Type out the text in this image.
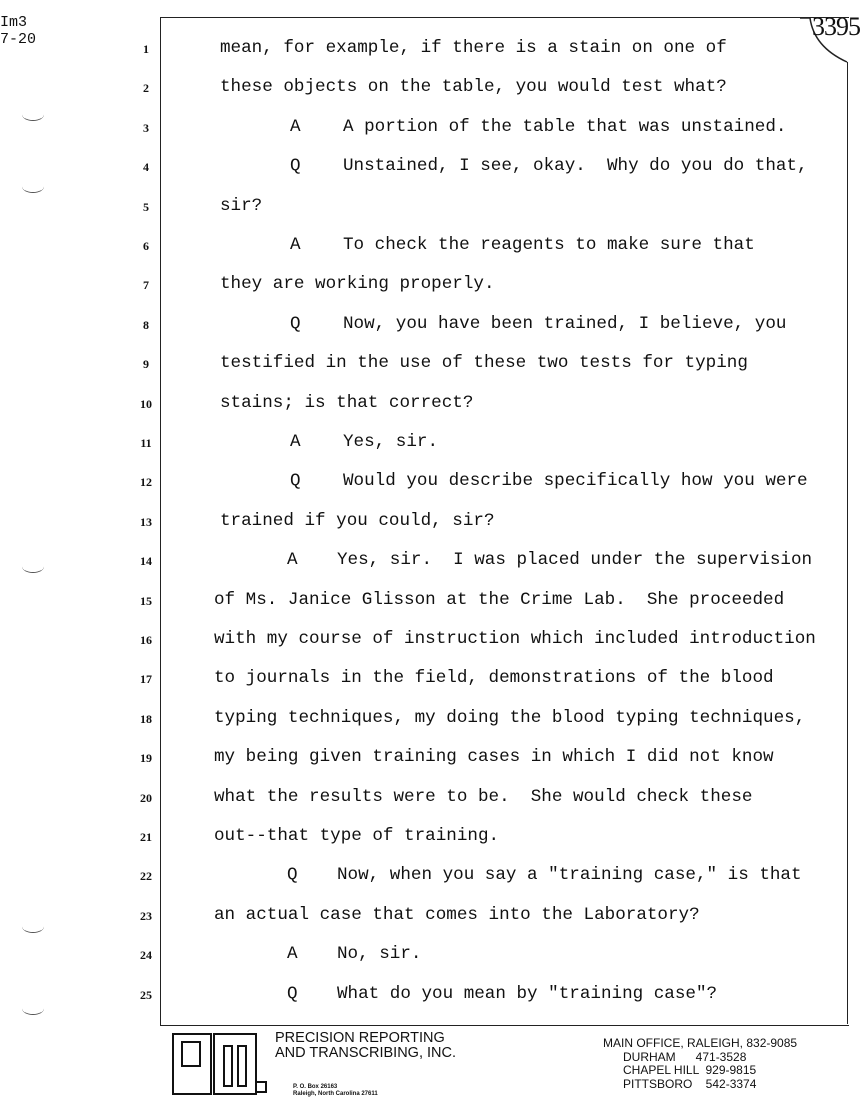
Im3
7-20	3395
1	mean, for example, if there is a stain on one of
2	these objects on the table, you would test what?
3	A A portion of the table that was unstained.
4	Q Unstained, I see, okay.  Why do you do that,
5	sir?
6	A To check the reagents to make sure that
7	they are working properly.
8	Q Now, you have been trained, I believe, you
9	testified in the use of these two tests for typing
10	stains; is that correct?
11	A Yes, sir.
12	Q Would you describe specifically how you were
13	trained if you could, sir?
14	A Yes, sir.  I was placed under the supervision
15	of Ms. Janice Glisson at the Crime Lab.  She proceeded
16	with my course of instruction which included introduction
17	to journals in the field, demonstrations of the blood
18	typing techniques, my doing the blood typing techniques,
19	my being given training cases in which I did not know
20	what the results were to be.  She would check these
21	out--that type of training.
22	Q Now, when you say a "training case," is that
23	an actual case that comes into the Laboratory?
24	A No, sir.
25	Q What do you mean by "training case"?
PRECISION REPORTING
AND TRANSCRIBING, INC.
P. O. Box 26163
Raleigh, North Carolina 27611
MAIN OFFICE, RALEIGH, 832-9085
DURHAM      471-3528
CHAPEL HILL  929-9815
PITTSBORO    542-3374
